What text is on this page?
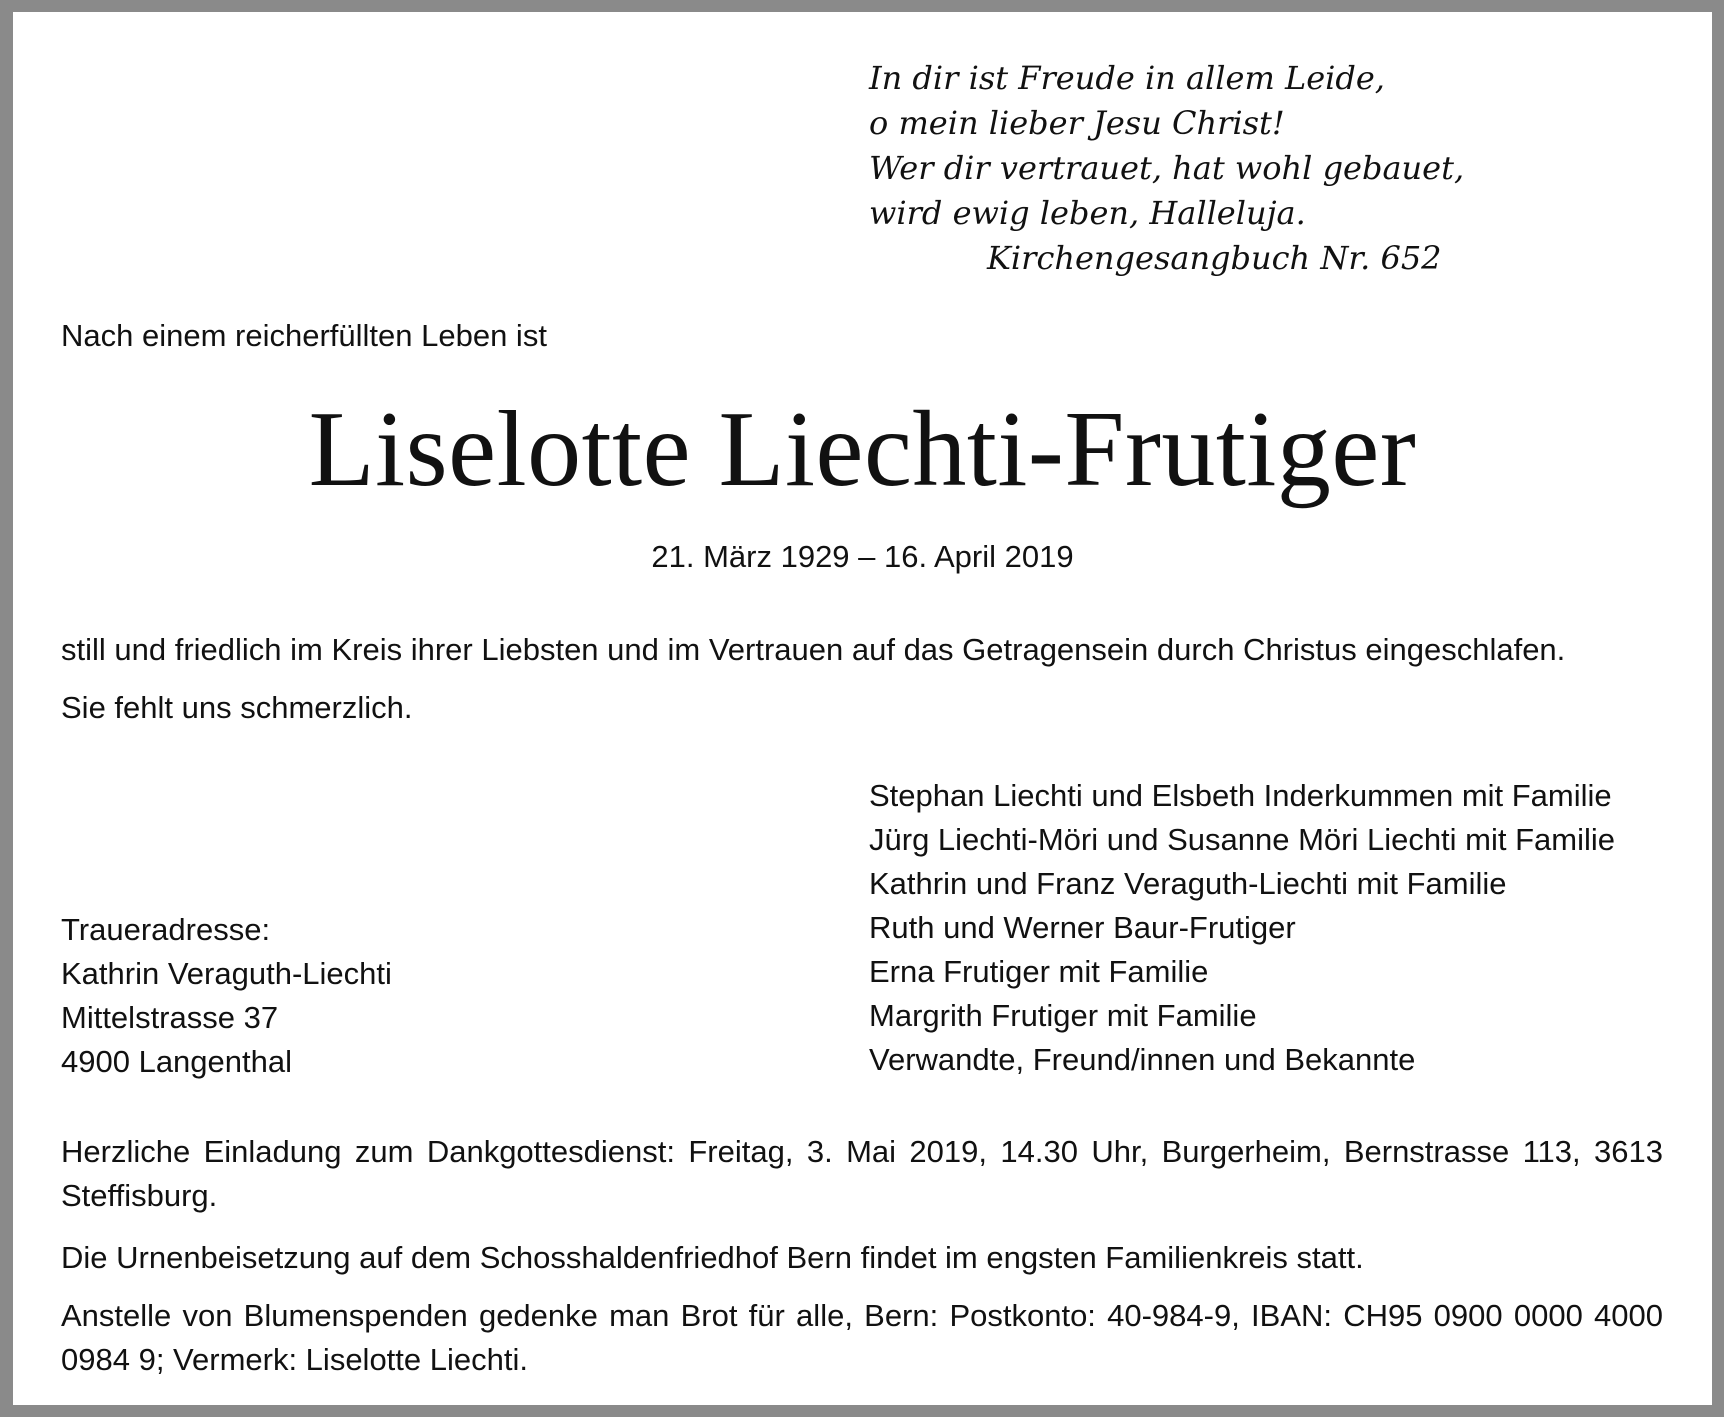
In dir ist Freude in allem Leide,
o mein lieber Jesu Christ!
Wer dir vertrauet, hat wohl gebauet,
wird ewig leben, Halleluja.
Kirchengesangbuch Nr. 652

Nach einem reicherfüllten Leben ist

Liselotte Liechti-Frutiger

21. März 1929 – 16. April 2019

still und friedlich im Kreis ihrer Liebsten und im Vertrauen auf das Getragensein durch Christus eingeschlafen.

Sie fehlt uns schmerzlich.

Stephan Liechti und Elsbeth Inderkummen mit Familie
Jürg Liechti-Möri und Susanne Möri Liechti mit Familie
Kathrin und Franz Veraguth-Liechti mit Familie
Ruth und Werner Baur-Frutiger
Erna Frutiger mit Familie
Margrith Frutiger mit Familie
Verwandte, Freund/innen und Bekannte
Traueradresse:
Kathrin Veraguth-Liechti
Mittelstrasse 37
4900 Langenthal

Herzliche Einladung zum Dankgottesdienst: Freitag, 3. Mai 2019, 14.30 Uhr, Burgerheim, Bernstrasse 113, 3613 Steffisburg.

Die Urnenbeisetzung auf dem Schosshaldenfriedhof Bern findet im engsten Familienkreis statt.

Anstelle von Blumenspenden gedenke man Brot für alle, Bern: Postkonto: 40-984-9, IBAN: CH95 0900 0000 4000 0984 9; Vermerk: Liselotte Liechti.
